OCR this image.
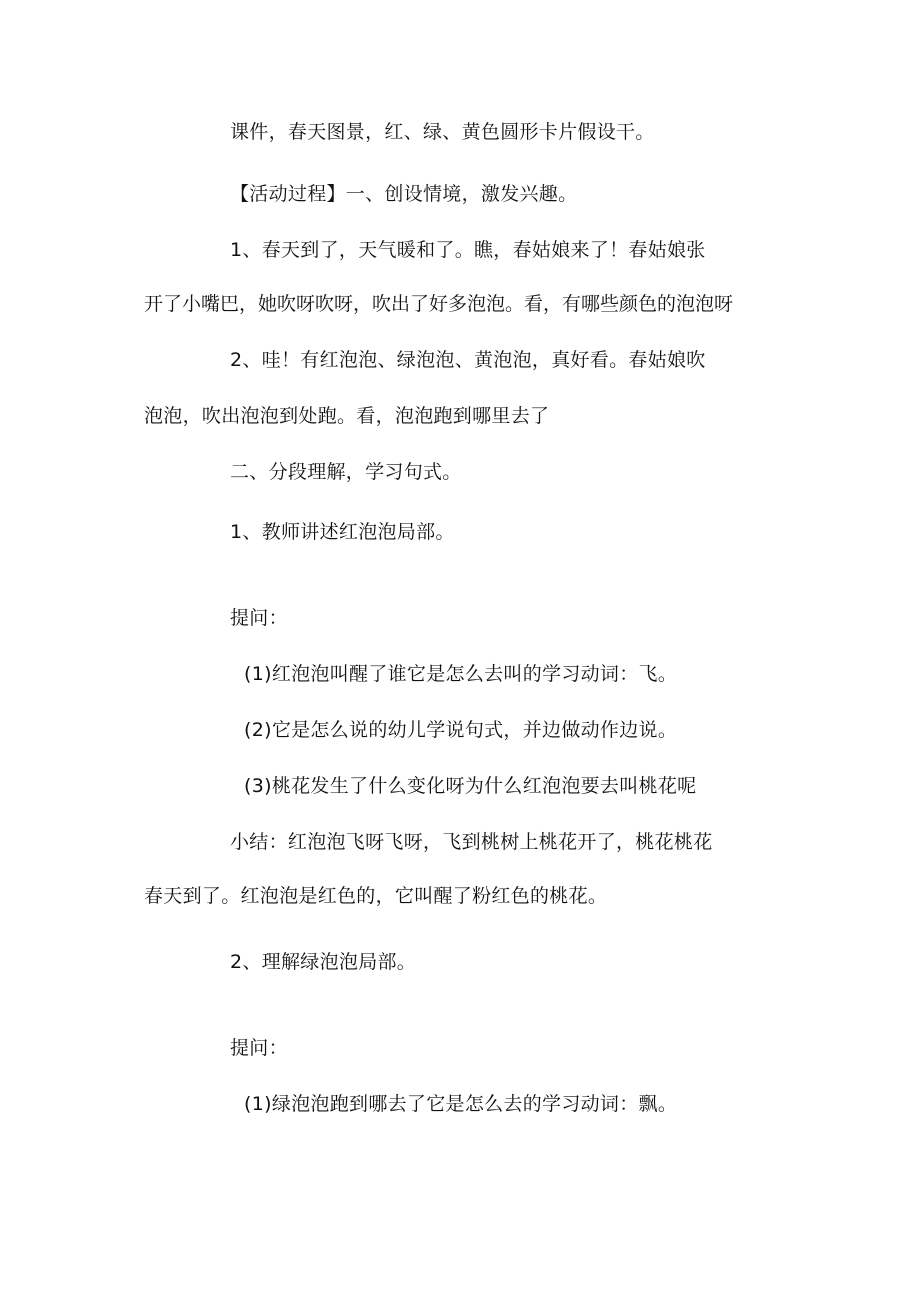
课件，春天图景，红、绿、黄色圆形卡片假设干。
【活动过程】一、创设情境，激发兴趣。
1、春天到了，天气暖和了。瞧，春姑娘来了！春姑娘张
开了小嘴巴，她吹呀吹呀，吹出了好多泡泡。看，有哪些颜色的泡泡呀
2、哇！有红泡泡、绿泡泡、黄泡泡，真好看。春姑娘吹
泡泡，吹出泡泡到处跑。看，泡泡跑到哪里去了
二、分段理解，学习句式。
1、教师讲述红泡泡局部。
提问：
(1)红泡泡叫醒了谁它是怎么去叫的学习动词：飞。
(2)它是怎么说的幼儿学说句式，并边做动作边说。
(3)桃花发生了什么变化呀为什么红泡泡要去叫桃花呢
小结：红泡泡飞呀飞呀，飞到桃树上桃花开了，桃花桃花
春天到了。红泡泡是红色的，它叫醒了粉红色的桃花。
2、理解绿泡泡局部。
提问：
(1)绿泡泡跑到哪去了它是怎么去的学习动词：飘。
